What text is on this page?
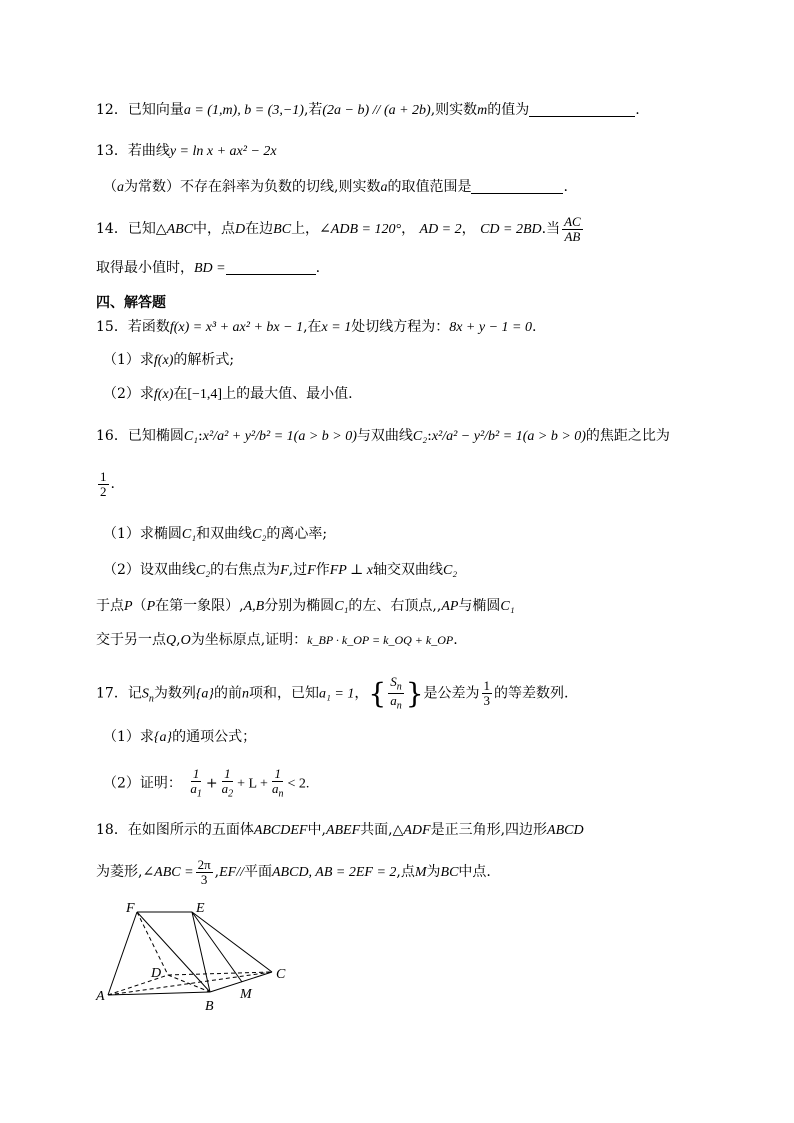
12．已知向量a = (1,m), b = (3,−1),若(2a − b) // (a + 2b),则实数m的值为	.
13．若曲线y = ln x + ax² − 2x
（a为常数）不存在斜率为负数的切线,则实数a的取值范围是	.
14．已知△ABC中，点D在边BC上，∠ADB = 120°， AD = 2， CD = 2BD.当 $\frac{AC}{AB}$
取得最小值时，BD =	.
四、解答题
15．若函数f(x) = x³ + ax² + bx − 1,在x = 1处切线方程为：8x + y − 1 = 0.
（1）求f(x)的解析式;
（2）求f(x)在[−1,4]上的最大值、最小值.
16．已知椭圆C₁:x²/a² + y²/b² = 1(a > b > 0)与双曲线C₂:x²/a² − y²/b² = 1(a > b > 0)的焦距之比为
$\frac{1}{2}$ .
（1）求椭圆C₁和双曲线C₂的离心率;
（2）设双曲线C₂的右焦点为F,过F作FP ⊥ x轴交双曲线C₂
于点P（P在第一象限）,A,B分别为椭圆C₁的左、右顶点,,AP与椭圆C₁
交于另一点Q,O为坐标原点,证明：k_BP · k_OP = k_OQ + k_OP.
17．记$S_n$为数列{a}的前n项和，已知a₁ = 1，{ $\frac{S_n}{a_n}$ }是公差为 $\frac{1}{3}$ 的等差数列.
（1）求{a}的通项公式；
（2）证明： $\frac{1}{a_1} + \frac{1}{a_2} + L + \frac{1}{a_n} < 2$.
18．在如图所示的五面体ABCDEF中,ABEF共面,△ADF是正三角形,四边形ABCD
为菱形,∠ABC = $\frac{2\pi}{3} ,EF//$平面ABCD, AB = 2EF = 2,点M为BC中点.
F	E
D	C
A
B
M
